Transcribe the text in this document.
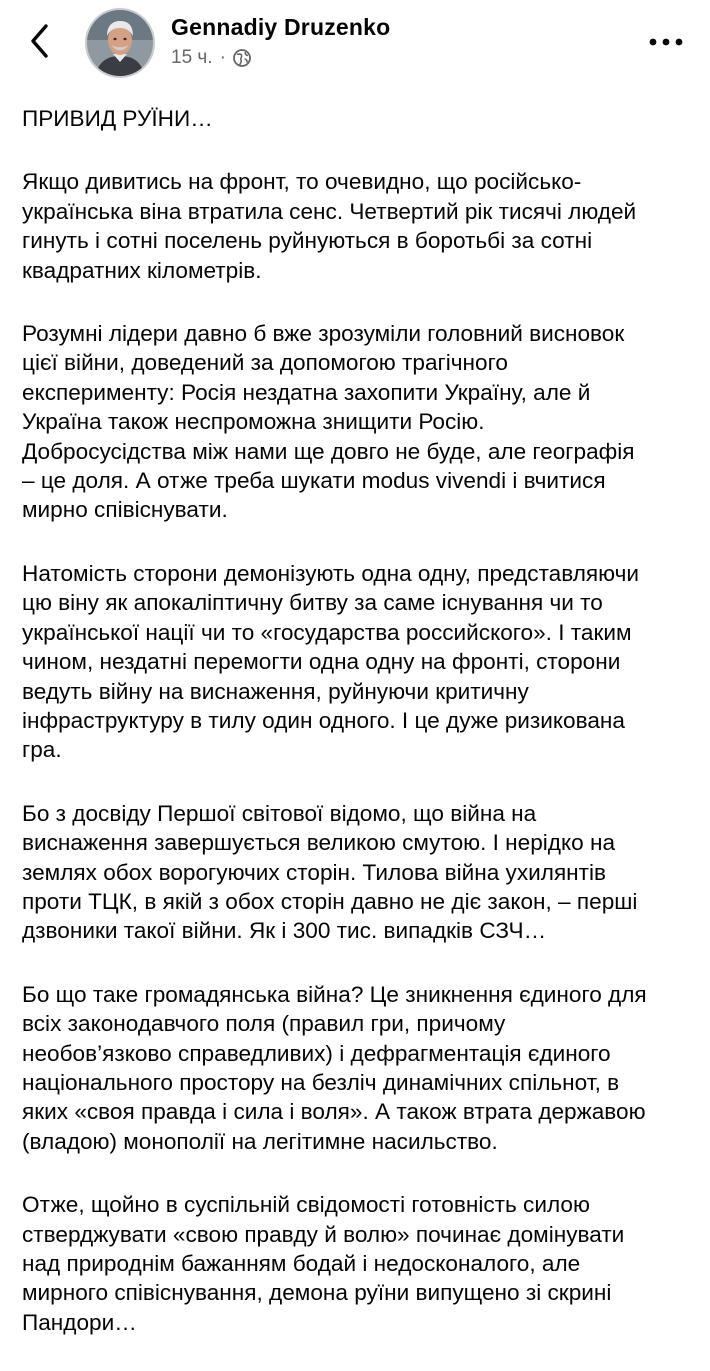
Gennadiy Druzenko
15 ч. ·

ПРИВИД РУЇНИ…

Якщо дивитись на фронт, то очевидно, що російсько-
українська віна втратила сенс. Четвертий рік тисячі людей
гинуть і сотні поселень руйнуються в боротьбі за сотні
квадратних кілометрів.

Розумні лідери давно б вже зрозуміли головний висновок
цієї війни, доведений за допомогою трагічного
експерименту: Росія нездатна захопити Україну, але й
Україна також неспроможна знищити Росію.
Добросусідства між нами ще довго не буде, але географія
– це доля. А отже треба шукати modus vivendi і вчитися
мирно співіснувати.

Натомість сторони демонізують одна одну, представляючи
цю віну як апокаліптичну битву за саме існування чи то
української нації чи то «государства российского». І таким
чином, нездатні перемогти одна одну на фронті, сторони
ведуть війну на виснаження, руйнуючи критичну
інфраструктуру в тилу один одного. І це дуже ризикована
гра.

Бо з досвіду Першої світової відомо, що війна на
виснаження завершується великою смутою. І нерідко на
землях обох ворогуючих сторін. Тилова війна ухилянтів
проти ТЦК, в якій з обох сторін давно не діє закон, – перші
дзвоники такої війни. Як і 300 тис. випадків СЗЧ…

Бо що таке громадянська війна? Це зникнення єдиного для
всіх законодавчого поля (правил гри, причому
необов’язково справедливих) і дефрагментація єдиного
національного простору на безліч динамічних спільнот, в
яких «своя правда і сила і воля». А також втрата державою
(владою) монополії на легітимне насильство.

Отже, щойно в суспільній свідомості готовність силою
стверджувати «свою правду й волю» починає домінувати
над природнім бажанням бодай і недосконалого, але
мирного співіснування, демона руїни випущено зі скрині
Пандори…
